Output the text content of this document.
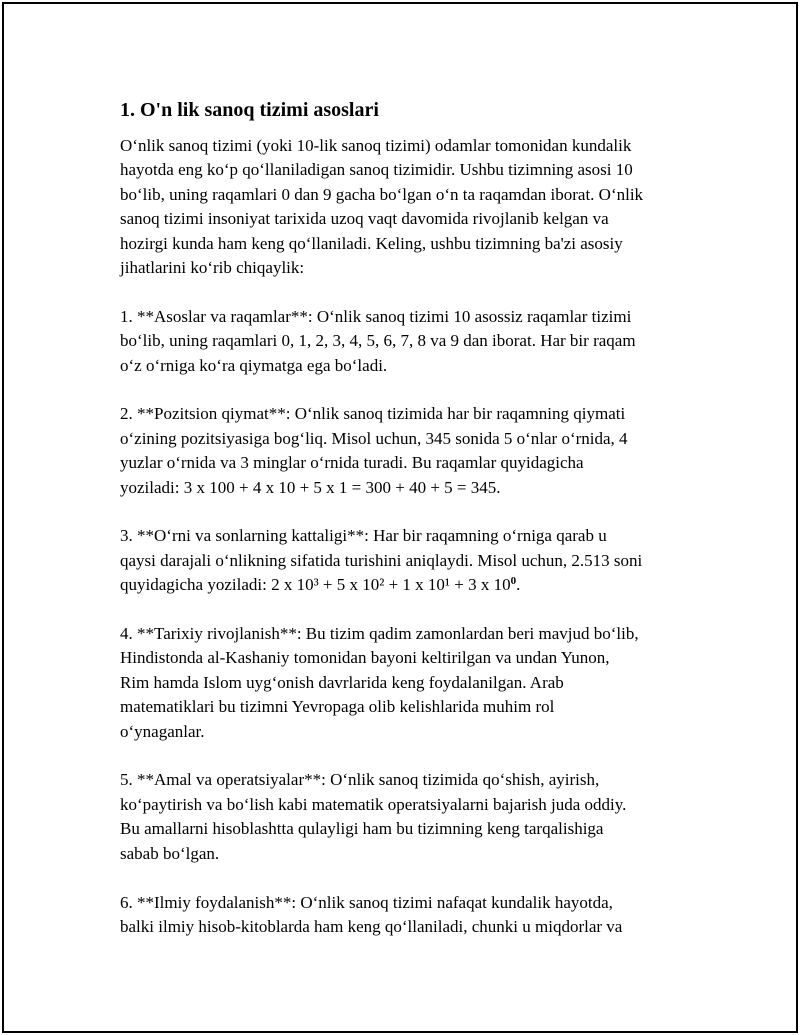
1. O'n lik sanoq tizimi asoslari

O‘nlik sanoq tizimi (yoki 10-lik sanoq tizimi) odamlar tomonidan kundalik
hayotda eng ko‘p qo‘llaniladigan sanoq tizimidir. Ushbu tizimning asosi 10
bo‘lib, uning raqamlari 0 dan 9 gacha bo‘lgan o‘n ta raqamdan iborat. O‘nlik
sanoq tizimi insoniyat tarixida uzoq vaqt davomida rivojlanib kelgan va
hozirgi kunda ham keng qo‘llaniladi. Keling, ushbu tizimning ba'zi asosiy
jihatlarini ko‘rib chiqaylik:

1. **Asoslar va raqamlar**: O‘nlik sanoq tizimi 10 asossiz raqamlar tizimi
bo‘lib, uning raqamlari 0, 1, 2, 3, 4, 5, 6, 7, 8 va 9 dan iborat. Har bir raqam
o‘z o‘rniga ko‘ra qiymatga ega bo‘ladi.

2. **Pozitsion qiymat**: O‘nlik sanoq tizimida har bir raqamning qiymati
o‘zining pozitsiyasiga bog‘liq. Misol uchun, 345 sonida 5 o‘nlar o‘rnida, 4
yuzlar o‘rnida va 3 minglar o‘rnida turadi. Bu raqamlar quyidagicha
yoziladi: 3 x 100 + 4 x 10 + 5 x 1 = 300 + 40 + 5 = 345.

3. **O‘rni va sonlarning kattaligi**: Har bir raqamning o‘rniga qarab u
qaysi darajali o‘nlikning sifatida turishini aniqlaydi. Misol uchun, 2.513 soni
quyidagicha yoziladi: 2 x 10³ + 5 x 10² + 1 x 10¹ + 3 x $10^0$.

4. **Tarixiy rivojlanish**: Bu tizim qadim zamonlardan beri mavjud bo‘lib,
Hindistonda al-Kashaniy tomonidan bayoni keltirilgan va undan Yunon,
Rim hamda Islom uyg‘onish davrlarida keng foydalanilgan. Arab
matematiklari bu tizimni Yevropaga olib kelishlarida muhim rol
o‘ynaganlar.

5. **Amal va operatsiyalar**: O‘nlik sanoq tizimida qo‘shish, ayirish,
ko‘paytirish va bo‘lish kabi matematik operatsiyalarni bajarish juda oddiy.
Bu amallarni hisoblashtta qulayligi ham bu tizimning keng tarqalishiga
sabab bo‘lgan.

6. **Ilmiy foydalanish**: O‘nlik sanoq tizimi nafaqat kundalik hayotda,
balki ilmiy hisob-kitoblarda ham keng qo‘llaniladi, chunki u miqdorlar va
